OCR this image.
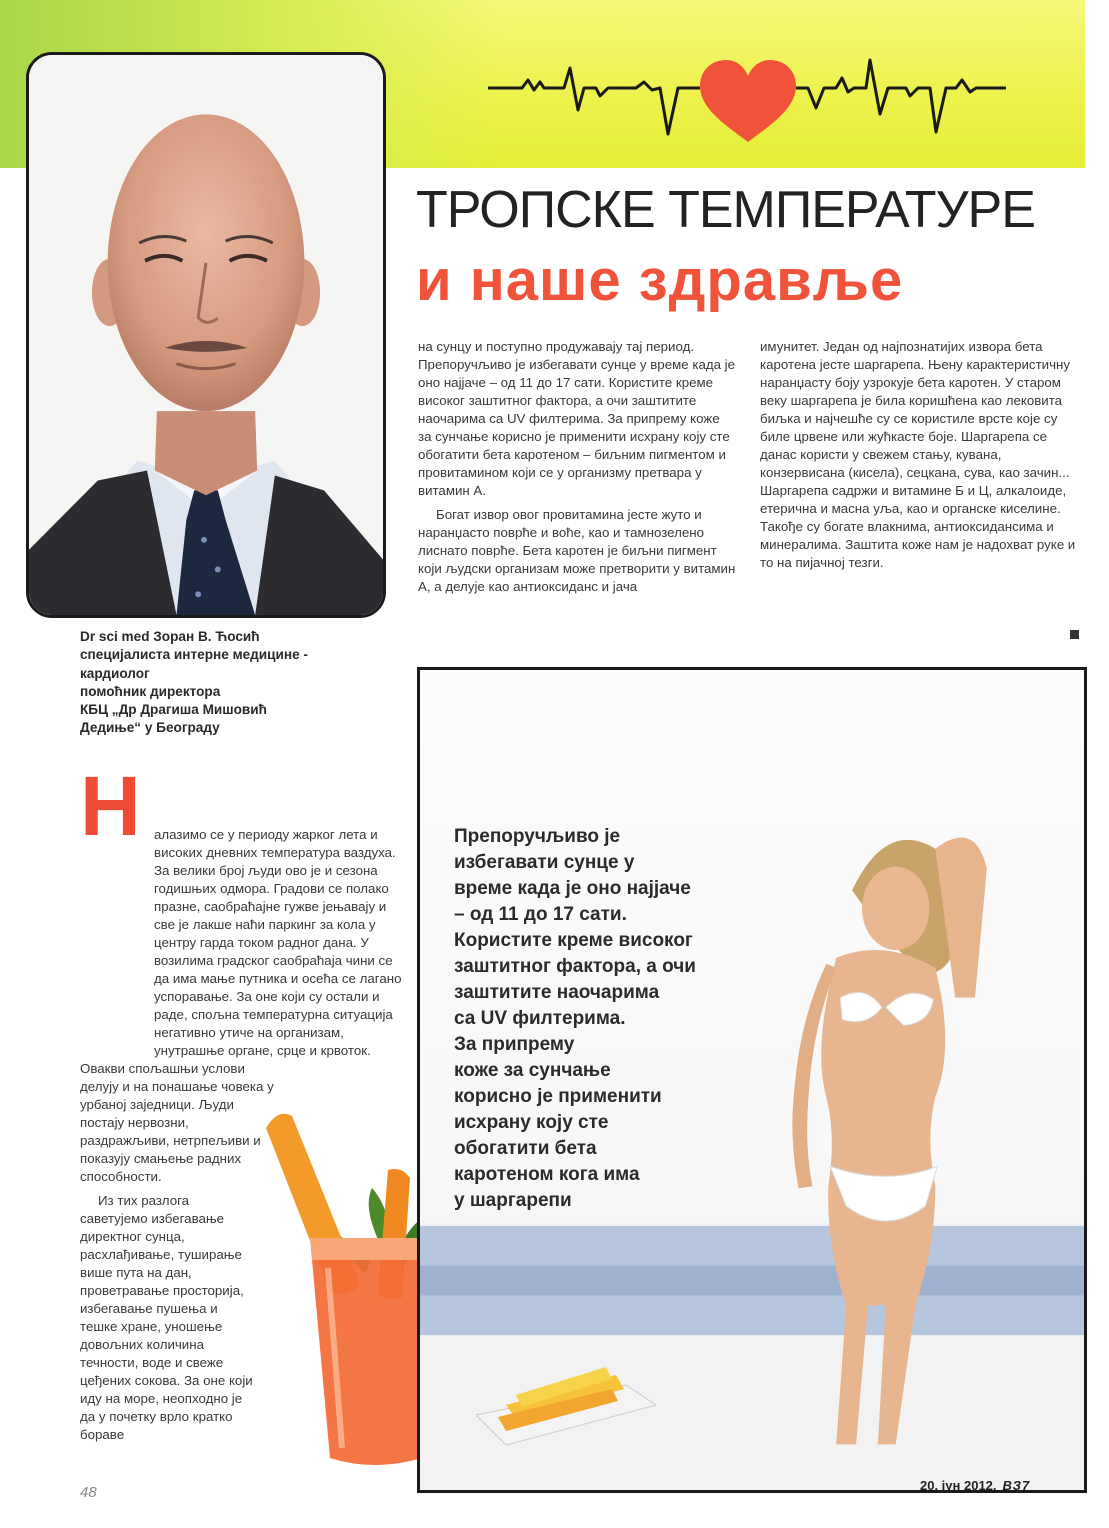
Dr sci med Зоран В. Ћосић
специјалиста интерне медицине -
кардиолог
помоћник директора
КБЦ „Др Драгиша Мишовић
Дедиње“ у Београду
ТРОПСКЕ ТЕМПЕРАТУРЕ
и наше здравље

на сунцу и поступно продужавају тај период. Препоручљиво је избегавати сунце у време када је оно најјаче – од 11 до 17 сати. Користите креме високог заштитног фактора, а очи заштитите наочарима са UV филтерима. За припрему коже за сунчање корисно је применити исхрану коју сте обогатити бета каротеном – биљним пигментом и провитамином који се у организму претвара у витамин А.

Богат извор овог провитамина јесте жуто и наранџасто поврће и воће, као и тамнозелено лиснато поврће. Бета каротен је биљни пигмент који људски организам може претворити у витамин А, а делује као антиоксиданс и јача

имунитет. Један од најпознатијих извора бета каротена јесте шаргарепа. Њену карактеристичну наранџасту боју узрокује бета каротен. У старом веку шаргарепа је била коришћена као лековита биљка и најчешће су се користиле врсте које су биле црвене или жућкасте боје. Шаргарепа се данас користи у свежем стању, кувана, конзервисана (кисела), сецкана, сува, као зачин... Шаргарепа садржи и витамине Б и Ц, алкалоиде, етерична и масна уља, као и органске киселине. Такође су богате влакнима, антиоксидансима и минералима. Заштита коже нам је надохват руке и то на пијачној тезги.

Н	алазимо се у периоду жарког лета и високих дневних температура ваздуха. За велики број људи ово је и сезона годишњих одмора. Градови се полако празне, саобраћајне гужве јењавају и све је лакше наћи паркинг за кола у центру гарда током радног дана. У возилима градског саобраћаја чини се да има мање путника и осећа се лагано успоравање. За оне који су остали и раде, спољна температурна ситуација негативно утиче на организам, унутрашње органе, срце и крвоток.

Овакви спољашњи услови делују и на понашање човека у урбаној заједници. Људи постају нервозни, раздражљиви, нетрпељиви и показују смањење радних способности.

Из тих разлога саветујемо избегавање директног сунца, расхлађивање, туширање више пута на дан, проветравање просторија, избегавање пушења и тешке хране, уношење довољних количина течности, воде и свеже цеђених сокова. За оне који иду на море, неопходно је да у почетку врло кратко боравe

Препоручљиво је
избегавати сунце у
време када је оно најјаче
– од 11 до 17 сати.
Користите креме високог
заштитног фактора, а очи
заштитите наочарима
са UV филтерима.
За припрему
коже за сунчање
корисно је применити
исхрану коју сте
обогатити бета
каротеном кога има
у шаргарепи
48	20. јун 2012. ВЗ7
